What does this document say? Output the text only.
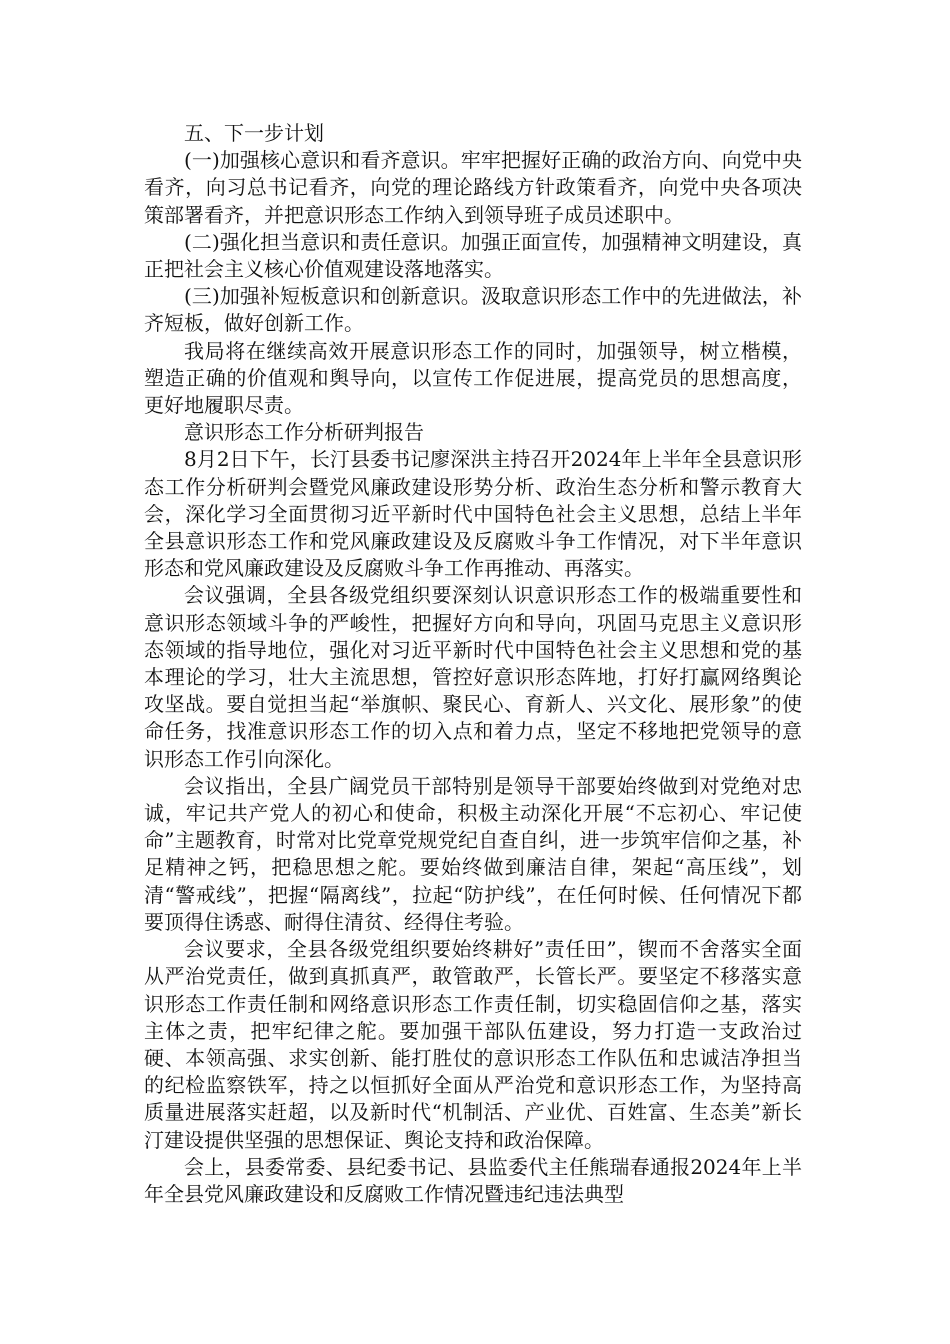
五、下一步计划

(一)加强核心意识和看齐意识。牢牢把握好正确的政治方向、向党中央看齐，向习总书记看齐，向党的理论路线方针政策看齐，向党中央各项决策部署看齐，并把意识形态工作纳入到领导班子成员述职中。

(二)强化担当意识和责任意识。加强正面宣传，加强精神文明建设，真正把社会主义核心价值观建设落地落实。

(三)加强补短板意识和创新意识。汲取意识形态工作中的先进做法，补齐短板，做好创新工作。

我局将在继续高效开展意识形态工作的同时，加强领导，树立楷模，塑造正确的价值观和舆导向，以宣传工作促进展，提高党员的思想高度，更好地履职尽责。

意识形态工作分析研判报告

8月2日下午，长汀县委书记廖深洪主持召开2024年上半年全县意识形态工作分析研判会暨党风廉政建设形势分析、政治生态分析和警示教育大会，深化学习全面贯彻习近平新时代中国特色社会主义思想，总结上半年全县意识形态工作和党风廉政建设及反腐败斗争工作情况，对下半年意识形态和党风廉政建设及反腐败斗争工作再推动、再落实。

会议强调，全县各级党组织要深刻认识意识形态工作的极端重要性和意识形态领域斗争的严峻性，把握好方向和导向，巩固马克思主义意识形态领域的指导地位，强化对习近平新时代中国特色社会主义思想和党的基本理论的学习，壮大主流思想，管控好意识形态阵地，打好打赢网络舆论攻坚战。要自觉担当起“举旗帜、聚民心、育新人、兴文化、展形象”的使命任务，找准意识形态工作的切入点和着力点，坚定不移地把党领导的意识形态工作引向深化。

会议指出，全县广阔党员干部特别是领导干部要始终做到对党绝对忠诚，牢记共产党人的初心和使命，积极主动深化开展“不忘初心、牢记使命”主题教育，时常对比党章党规党纪自查自纠，进一步筑牢信仰之基，补足精神之钙，把稳思想之舵。要始终做到廉洁自律，架起“高压线”，划清“警戒线”，把握“隔离线”，拉起“防护线”，在任何时候、任何情况下都要顶得住诱惑、耐得住清贫、经得住考验。

会议要求，全县各级党组织要始终耕好”责任田”，锲而不舍落实全面从严治党责任，做到真抓真严，敢管敢严，长管长严。要坚定不移落实意识形态工作责任制和网络意识形态工作责任制，切实稳固信仰之基，落实主体之责，把牢纪律之舵。要加强干部队伍建设，努力打造一支政治过硬、本领高强、求实创新、能打胜仗的意识形态工作队伍和忠诚洁净担当的纪检监察铁军，持之以恒抓好全面从严治党和意识形态工作，为坚持高质量进展落实赶超，以及新时代“机制活、产业优、百姓富、生态美”新长汀建设提供坚强的思想保证、舆论支持和政治保障。

会上，县委常委、县纪委书记、县监委代主任熊瑞春通报2024年上半年全县党风廉政建设和反腐败工作情况暨违纪违法典型
